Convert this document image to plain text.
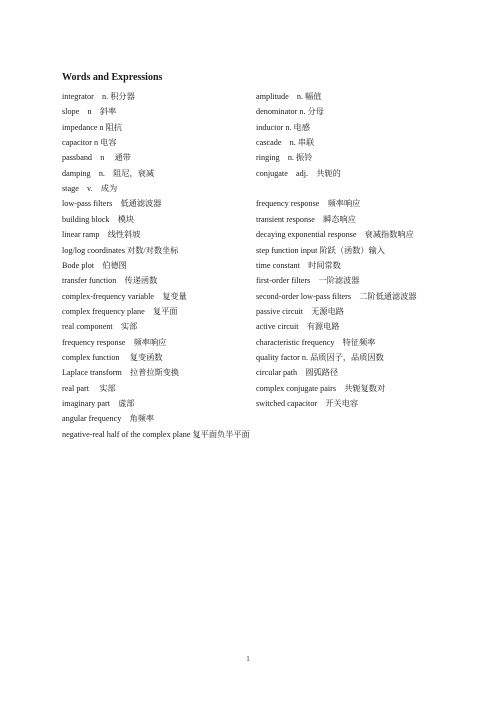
Words and Expressions
integrator　n. 积分器	amplitude　n. 幅值
slope　n　斜率	denominator n. 分母
impedance n 阻抗	inductor n. 电感
capacitor n 电容	cascade　n. 串联
passband　n　 通带	ringing　n. 振铃
damping　n.　阻尼，衰减	conjugate　adj.　共轭的
stage　v.　成为
low-pass filters　低通滤波器	frequency response　频率响应
building block　模块	transient response　瞬态响应
linear ramp　线性斜坡	decaying exponential response　衰减指数响应
log/log coordinates 对数/对数坐标	step function input 阶跃（函数）输入
Bode plot　伯德图	time constant　时间常数
transfer function　传递函数	first-order filters　一阶滤波器
complex-frequency variable　复变量	second-order low-pass filters　二阶低通滤波器
complex frequency plane　复平面	passive circuit　无源电路
real component　实部	active circuit　有源电路
frequency response　频率响应	characteristic frequency　特征频率
complex function　 复变函数	quality factor n. 品质因子，品质因数
Laplace transform　拉普拉斯变换	circular path　圆弧路径
real part　 实部	complex conjugate pairs　共轭复数对
imaginary part　虚部	switched capacitor　开关电容
angular frequency　角频率
negative-real half of the complex plane 复平面负半平面
1
